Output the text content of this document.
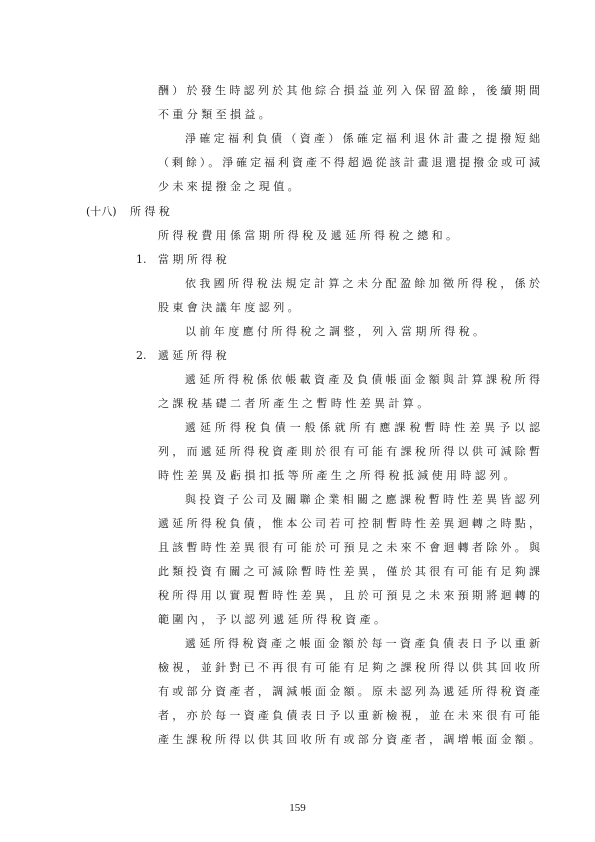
酬）於發生時認列於其他綜合損益並列入保留盈餘，後續期間
不重分類至損益。
淨確定福利負債（資產）係確定福利退休計畫之提撥短絀
（剩餘）。淨確定福利資產不得超過從該計畫退還提撥金或可減
少未來提撥金之現值。
(十八) 所得稅
所得稅費用係當期所得稅及遞延所得稅之總和。
1. 當期所得稅
依我國所得稅法規定計算之未分配盈餘加徵所得稅，係於
股東會決議年度認列。
以前年度應付所得稅之調整，列入當期所得稅。
2. 遞延所得稅
遞延所得稅係依帳載資產及負債帳面金額與計算課稅所得
之課稅基礎二者所產生之暫時性差異計算。
遞延所得稅負債一般係就所有應課稅暫時性差異予以認
列，而遞延所得稅資產則於很有可能有課稅所得以供可減除暫
時性差異及虧損扣抵等所產生之所得稅抵減使用時認列。
與投資子公司及關聯企業相關之應課稅暫時性差異皆認列
遞延所得稅負債，惟本公司若可控制暫時性差異迴轉之時點，
且該暫時性差異很有可能於可預見之未來不會迴轉者除外。與
此類投資有關之可減除暫時性差異，僅於其很有可能有足夠課
稅所得用以實現暫時性差異，且於可預見之未來預期將迴轉的
範圍內，予以認列遞延所得稅資產。
遞延所得稅資產之帳面金額於每一資產負債表日予以重新
檢視，並針對已不再很有可能有足夠之課稅所得以供其回收所
有或部分資產者，調減帳面金額。原未認列為遞延所得稅資產
者，亦於每一資產負債表日予以重新檢視，並在未來很有可能
產生課稅所得以供其回收所有或部分資產者，調增帳面金額。
159
